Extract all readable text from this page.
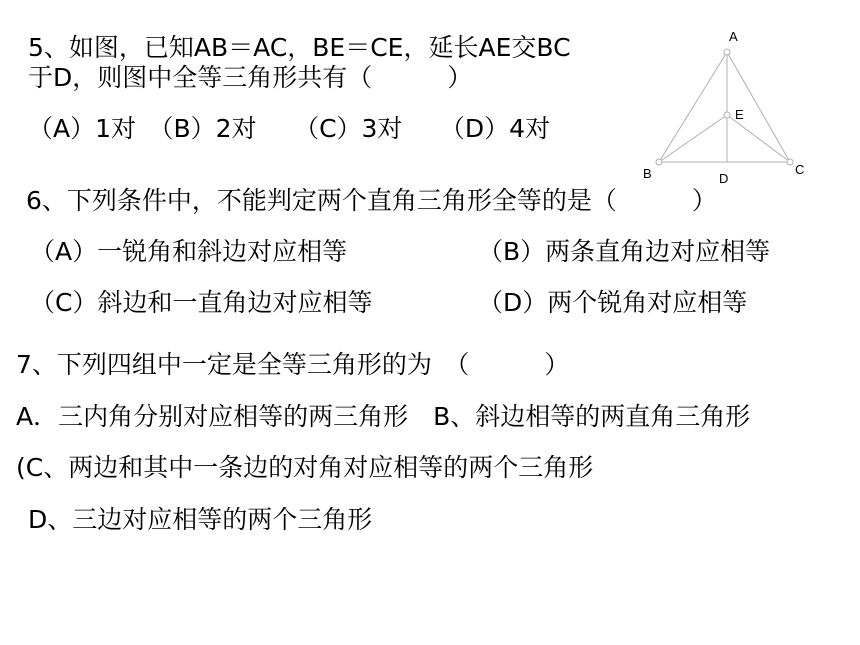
5、如图，已知AB＝AC，BE＝CE，延长AE交BC
于D，则图中全等三角形共有（　　　）
（A）1对　（B）2对　　（C）3对　　（D）4对
A
E
B	D
C
6、下列条件中，不能判定两个直角三角形全等的是（　　　）
（A）一锐角和斜边对应相等	（B）两条直角边对应相等
（C）斜边和一直角边对应相等	（D）两个锐角对应相等
7、下列四组中一定是全等三角形的为　（　　　）
A．三内角分别对应相等的两三角形　B、斜边相等的两直角三角形
(C、两边和其中一条边的对角对应相等的两个三角形
D、三边对应相等的两个三角形
